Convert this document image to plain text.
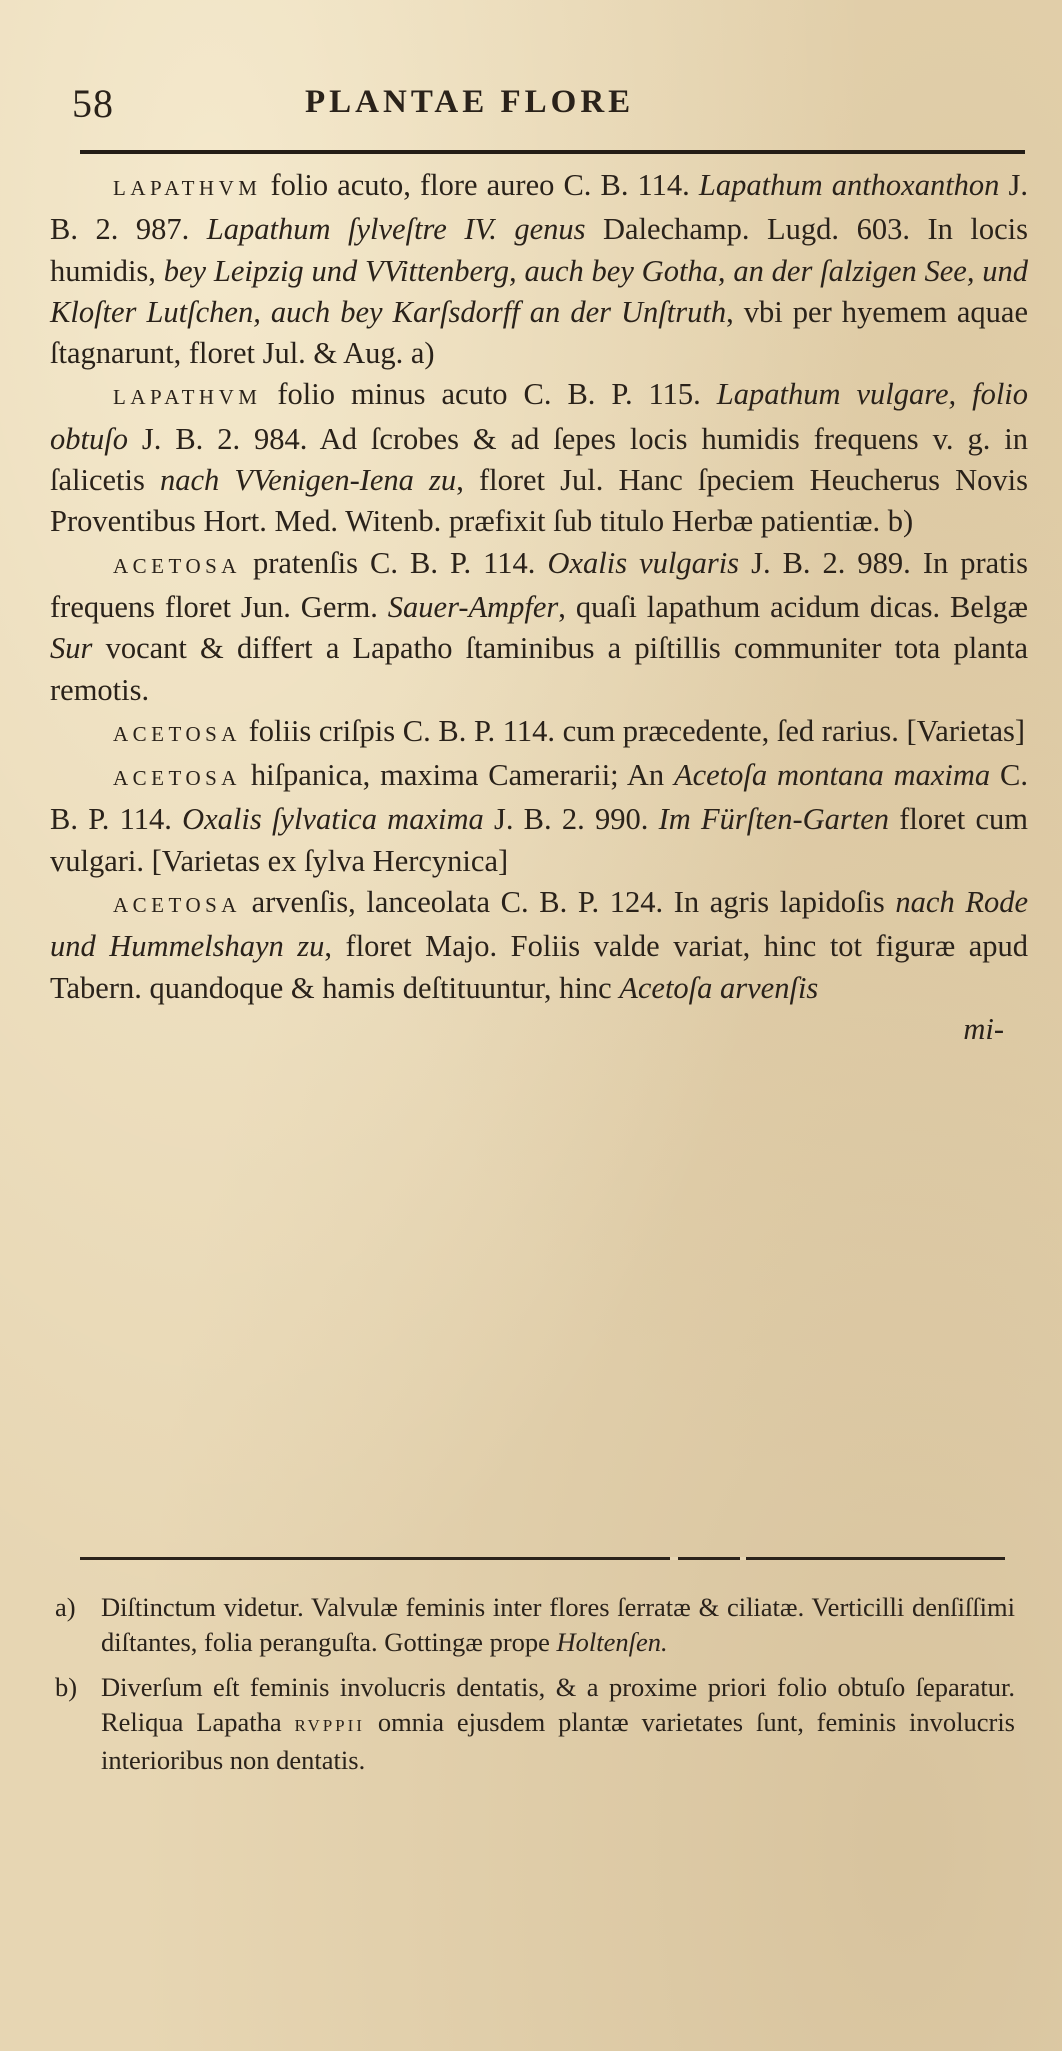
58	PLANTAE FLORE

LAPATHVM folio acuto, flore aureo C. B. 114. Lapathum anthoxanthon J. B. 2. 987. Lapathum ſylveſtre IV. genus Dalechamp. Lugd. 603. In locis humidis, bey Leipzig und VVittenberg, auch bey Gotha, an der ſalzigen See, und Kloſter Lutſchen, auch bey Karſsdorff an der Unſtruth, vbi per hyemem aquae ſtagnarunt, floret Jul. & Aug. a)

LAPATHVM folio minus acuto C. B. P. 115. Lapathum vulgare, folio obtuſo J. B. 2. 984. Ad ſcrobes & ad ſepes locis humidis frequens v. g. in ſalicetis nach VVenigen-Iena zu, floret Jul. Hanc ſpeciem Heucherus Novis Proventibus Hort. Med. Witenb. præfixit ſub titulo Herbæ patientiæ. b)

ACETOSA pratenſis C. B. P. 114. Oxalis vulgaris J. B. 2. 989. In pratis frequens floret Jun. Germ. Sauer-Ampfer, quaſi lapathum acidum dicas. Belgæ Sur vocant & differt a Lapatho ſtaminibus a piſtillis communiter tota planta remotis.

ACETOSA foliis criſpis C. B. P. 114. cum præcedente, ſed rarius. [Varietas]

ACETOSA hiſpanica, maxima Camerarii; An Acetoſa montana maxima C. B. P. 114. Oxalis ſylvatica maxima J. B. 2. 990. Im Fürſten-Garten floret cum vulgari. [Varietas ex ſylva Hercynica]

ACETOSA arvenſis, lanceolata C. B. P. 124. In agris lapidoſis nach Rode und Hummelshayn zu, floret Majo. Foliis valde variat, hinc tot figuræ apud Tabern. quandoque & hamis deſtituuntur, hinc Acetoſa arvenſis

mi-

a) Diſtinctum videtur. Valvulæ feminis inter flores ſerratæ & ciliatæ. Verticilli denſiſſimi diſtantes, folia peranguſta. Gottingæ prope Holtenſen.

b) Diverſum eſt feminis involucris dentatis, & a proxime priori folio obtuſo ſeparatur. Reliqua Lapatha RVPPII omnia ejusdem plantæ varietates ſunt, feminis involucris interioribus non dentatis.
